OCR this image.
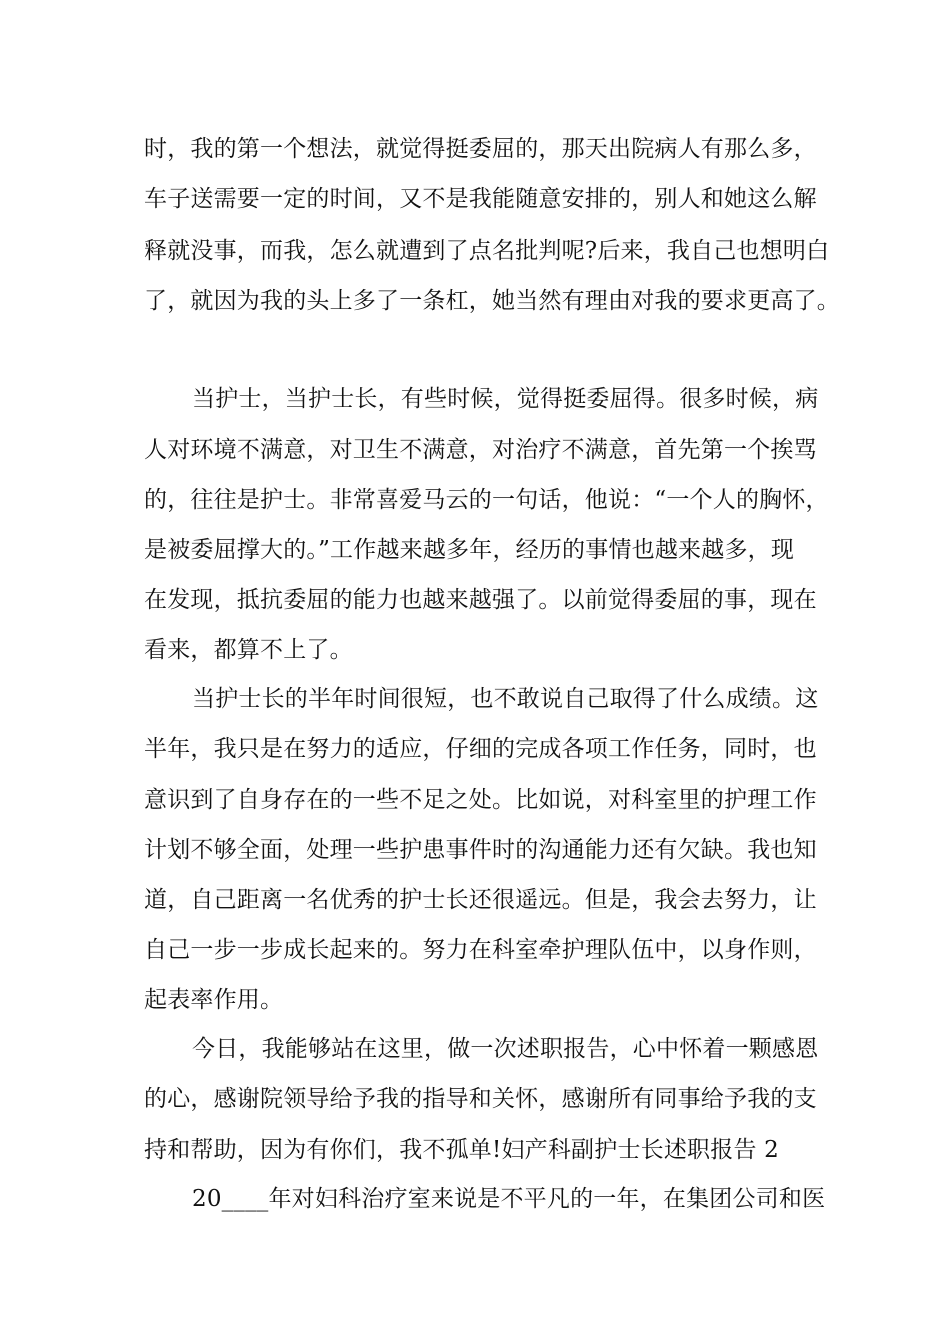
时，我的第一个想法，就觉得挺委屈的，那天出院病人有那么多，
车子送需要一定的时间，又不是我能随意安排的，别人和她这么解
释就没事，而我，怎么就遭到了点名批判呢?后来，我自己也想明白
了，就因为我的头上多了一条杠，她当然有理由对我的要求更高了。
当护士，当护士长，有些时候，觉得挺委屈得。很多时候，病
人对环境不满意，对卫生不满意，对治疗不满意，首先第一个挨骂
的，往往是护士。非常喜爱马云的一句话，他说：“一个人的胸怀，
是被委屈撑大的。”工作越来越多年，经历的事情也越来越多，现
在发现，抵抗委屈的能力也越来越强了。以前觉得委屈的事，现在
看来，都算不上了。
当护士长的半年时间很短，也不敢说自己取得了什么成绩。这
半年，我只是在努力的适应，仔细的完成各项工作任务，同时，也
意识到了自身存在的一些不足之处。比如说，对科室里的护理工作
计划不够全面，处理一些护患事件时的沟通能力还有欠缺。我也知
道，自己距离一名优秀的护士长还很遥远。但是，我会去努力，让
自己一步一步成长起来的。努力在科室牵护理队伍中，以身作则，
起表率作用。
今日，我能够站在这里，做一次述职报告，心中怀着一颗感恩
的心，感谢院领导给予我的指导和关怀，感谢所有同事给予我的支
持和帮助，因为有你们，我不孤单!妇产科副护士长述职报告 2
20____年对妇科治疗室来说是不平凡的一年，在集团公司和医
